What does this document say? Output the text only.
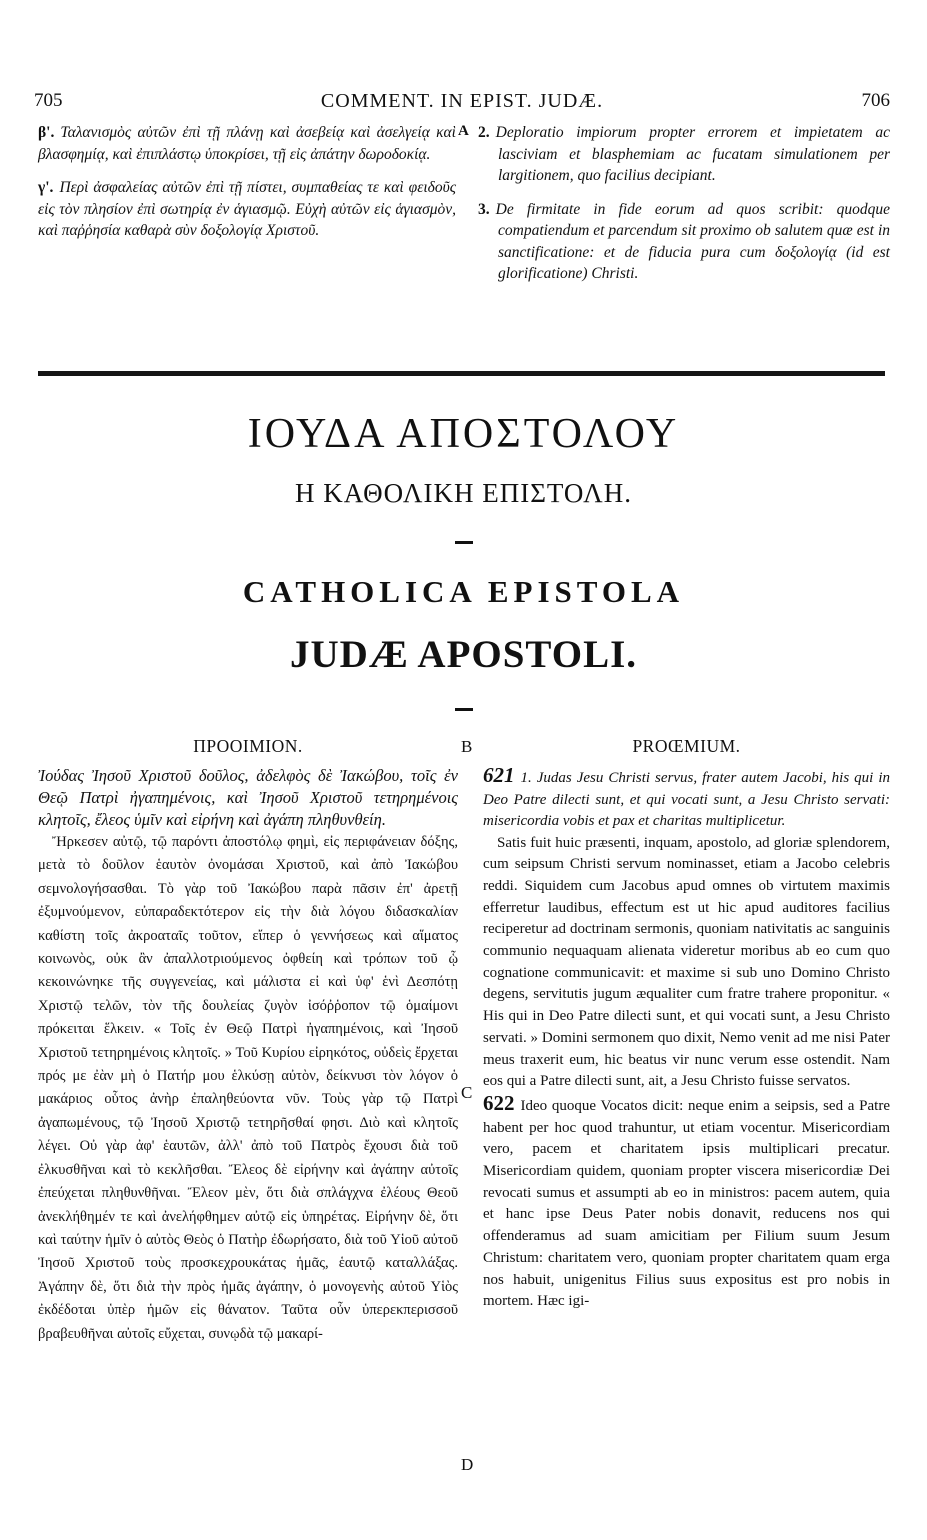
705	COMMENT. IN EPIST. JUDÆ.	706

β'. Ταλανισμὸς αὐτῶν ἐπὶ τῇ πλάνῃ καὶ ἀσεβείᾳ καὶ ἀσελγείᾳ καὶ βλασφημίᾳ, καὶ ἐπιπλάστῳ ὑποκρίσει, τῇ εἰς ἀπάτην δωροδοκίᾳ.

γ'. Περὶ ἀσφαλείας αὐτῶν ἐπὶ τῇ πίστει, συμπαθείας τε καὶ φειδοῦς εἰς τὸν πλησίον ἐπὶ σωτηρίᾳ ἐν ἁγιασμῷ. Εὐχὴ αὐτῶν εἰς ἁγιασμὸν, καὶ παῤῥησία καθαρὰ σὺν δοξολογίᾳ Χριστοῦ.

A 2. Deploratio impiorum propter errorem et impietatem ac lasciviam et blasphemiam ac fucatam simulationem per largitionem, quo facilius decipiant.

3. De firmitate in fide eorum ad quos scribit: quodque compatiendum et parcendum sit proximo ob salutem quæ est in sanctificatione: et de fiducia pura cum δοξολογίᾳ (id est glorificatione) Christi.

ΙΟΥΔΑ ΑΠΟΣΤΟΛΟΥ
Η ΚΑΘΟΛΙΚΗ ΕΠΙΣΤΟΛΗ.
CATHOLICA EPISTOLA
JUDÆ APOSTOLI.
ΠΡΟΟΙΜΙΟΝ.

Ἰούδας Ἰησοῦ Χριστοῦ δοῦλος, ἀδελφὸς δὲ Ἰακώβου, τοῖς ἐν Θεῷ Πατρὶ ἠγαπημένοις, καὶ Ἰησοῦ Χριστοῦ τετηρημένοις κλητοῖς, ἔλεος ὑμῖν καὶ εἰρήνη καὶ ἀγάπη πληθυνθείη.

Ἤρκεσεν αὐτῷ, τῷ παρόντι ἀποστόλῳ φημὶ, εἰς περιφάνειαν δόξης, μετὰ τὸ δοῦλον ἑαυτὸν ὀνομάσαι Χριστοῦ, καὶ ἀπὸ Ἰακώβου σεμνολογήσασθαι. Τὸ γὰρ τοῦ Ἰακώβου παρὰ πᾶσιν ἐπ' ἀρετῇ ἐξυμνούμενον, εὐπαραδεκτότερον εἰς τὴν διὰ λόγου διδασκαλίαν καθίστη τοῖς ἀκροαταῖς τοῦτον, εἴπερ ὁ γεννήσεως καὶ αἵματος κοινωνὸς, οὐκ ἂν ἀπαλλοτριούμενος ὀφθείη καὶ τρόπων τοῦ ᾧ κεκοινώνηκε τῆς συγγενείας, καὶ μάλιστα εἰ καὶ ὑφ' ἑνὶ Δεσπότῃ Χριστῷ τελῶν, τὸν τῆς δουλείας ζυγὸν ἰσόῤῥοπον τῷ ὁμαίμονι πρόκειται ἕλκειν. « Τοῖς ἐν Θεῷ Πατρὶ ἠγαπημένοις, καὶ Ἰησοῦ Χριστοῦ τετηρημένοις κλητοῖς. » Τοῦ Κυρίου εἰρηκότος, οὐδεὶς ἔρχεται πρός με ἐὰν μὴ ὁ Πατήρ μου ἑλκύσῃ αὐτὸν, δείκνυσι τὸν λόγον ὁ μακάριος οὗτος ἀνὴρ ἐπαληθεύοντα νῦν. Τοὺς γὰρ τῷ Πατρὶ ἀγαπωμένους, τῷ Ἰησοῦ Χριστῷ τετηρῆσθαί φησι. Διὸ καὶ κλητοῖς λέγει. Οὐ γὰρ ἀφ' ἑαυτῶν, ἀλλ' ἀπὸ τοῦ Πατρὸς ἔχουσι διὰ τοῦ ἐλκυσθῆναι καὶ τὸ κεκλῆσθαι. Ἔλεος δὲ εἰρήνην καὶ ἀγάπην αὐτοῖς ἐπεύχεται πληθυνθῆναι. Ἔλεον μὲν, ὅτι διὰ σπλάγχνα ἐλέους Θεοῦ ἀνεκλήθημέν τε καὶ ἀνελήφθημεν αὐτῷ εἰς ὑπηρέτας. Εἰρήνην δὲ, ὅτι καὶ ταύτην ἡμῖν ὁ αὐτὸς Θεὸς ὁ Πατὴρ ἐδωρήσατο, διὰ τοῦ Υἱοῦ αὐτοῦ Ἰησοῦ Χριστοῦ τοὺς προσκεχρουκάτας ἡμᾶς, ἑαυτῷ καταλλάξας. Ἀγάπην δὲ, ὅτι διὰ τὴν πρὸς ἡμᾶς ἀγάπην, ὁ μονογενὴς αὐτοῦ Υἱὸς ἐκδέδοται ὑπὲρ ἡμῶν εἰς θάνατον. Ταῦτα οὖν ὑπερεκπερισσοῦ βραβευθῆναι αὐτοῖς εὔχεται, συνῳδὰ τῷ μακαρί-

B
C
D
PROŒMIUM.

621 1. Judas Jesu Christi servus, frater autem Jacobi, his qui in Deo Patre dilecti sunt, et qui vocati sunt, a Jesu Christo servati: misericordia vobis et pax et charitas multiplicetur.

Satis fuit huic præsenti, inquam, apostolo, ad gloriæ splendorem, cum seipsum Christi servum nominasset, etiam a Jacobo celebris reddi. Siquidem cum Jacobus apud omnes ob virtutem maximis efferretur laudibus, effectum est ut hic apud auditores facilius reciperetur ad doctrinam sermonis, quoniam nativitatis ac sanguinis communio nequaquam alienata videretur moribus ab eo cum quo cognatione communicavit: et maxime si sub uno Domino Christo degens, servitutis jugum æqualiter cum fratre trahere proponitur. « His qui in Deo Patre dilecti sunt, et qui vocati sunt, a Jesu Christo servati. » Domini sermonem quo dixit, Nemo venit ad me nisi Pater meus traxerit eum, hic beatus vir nunc verum esse ostendit. Nam eos qui a Patre dilecti sunt, ait, a Jesu Christo fuisse servatos.

622 Ideo quoque Vocatos dicit: neque enim a seipsis, sed a Patre habent per hoc quod trahuntur, ut etiam vocentur. Misericordiam vero, pacem et charitatem ipsis multiplicari precatur. Misericordiam quidem, quoniam propter viscera misericordiæ Dei revocati sumus et assumpti ab eo in ministros: pacem autem, quia et hanc ipse Deus Pater nobis donavit, reducens nos qui offenderamus ad suam amicitiam per Filium suum Jesum Christum: charitatem vero, quoniam propter charitatem quam erga nos habuit, unigenitus Filius suus expositus est pro nobis in mortem. Hæc igi-
